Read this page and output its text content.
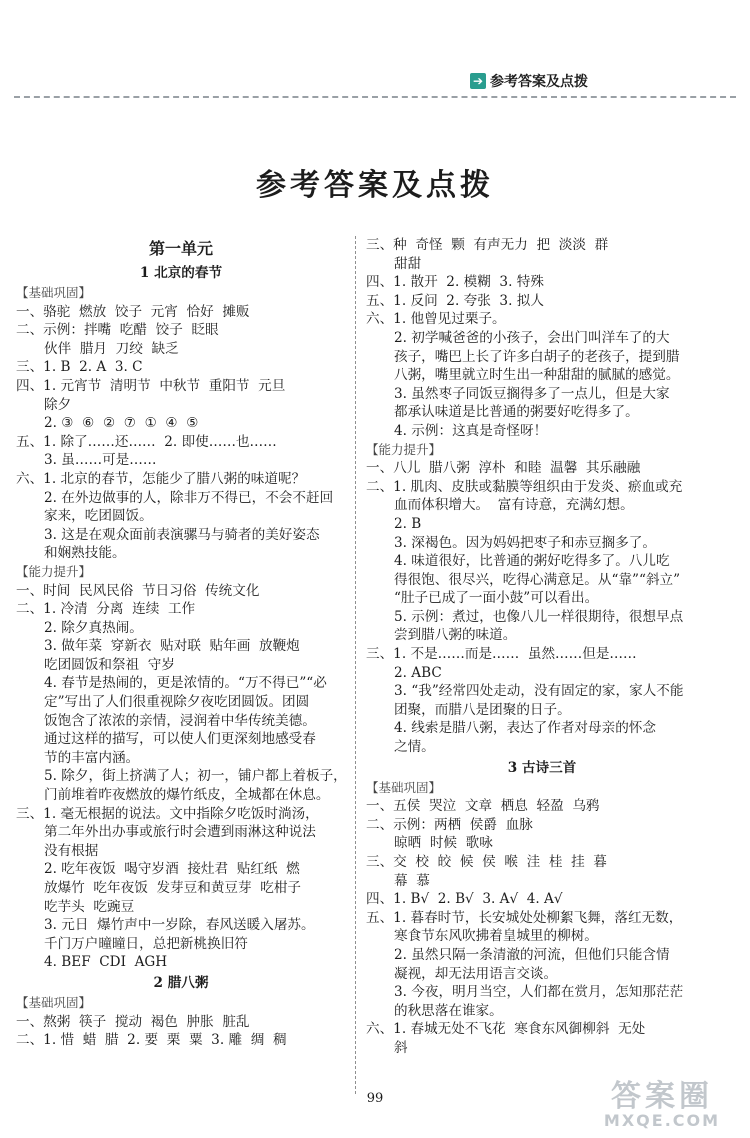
➔ 参考答案及点拨
参考答案及点拨
第一单元
1 北京的春节
【基础巩固】
一、骆驼  燃放  饺子  元宵  恰好  摊贩
二、示例：拌嘴  吃醋  饺子  眨眼
伙伴  腊月  刀绞  缺乏
三、1. B  2. A  3. C
四、1. 元宵节  清明节  中秋节  重阳节  元旦
除夕
2. ③  ⑥  ②  ⑦  ①  ④  ⑤
五、1. 除了……还……  2. 即使……也……
3. 虽……可是……
六、1. 北京的春节，怎能少了腊八粥的味道呢？
2. 在外边做事的人，除非万不得已，不会不赶回
家来，吃团圆饭。
3. 这是在观众面前表演骡马与骑者的美好姿态
和娴熟技能。
【能力提升】
一、时间  民风民俗  节日习俗  传统文化
二、1. 冷清  分离  连续  工作
2. 除夕真热闹。
3. 做年菜  穿新衣  贴对联  贴年画  放鞭炮
吃团圆饭和祭祖  守岁
4. 春节是热闹的，更是浓情的。“万不得已”“必
定”写出了人们很重视除夕夜吃团圆饭。团圆
饭饱含了浓浓的亲情，浸润着中华传统美德。
通过这样的描写，可以使人们更深刻地感受春
节的丰富内涵。
5. 除夕，街上挤满了人；初一，铺户都上着板子，
门前堆着昨夜燃放的爆竹纸皮，全城都在休息。
三、1. 毫无根据的说法。文中指除夕吃饭时淌汤，
第二年外出办事或旅行时会遭到雨淋这种说法
没有根据
2. 吃年夜饭  喝守岁酒  接灶君  贴红纸  燃
放爆竹  吃年夜饭  发芽豆和黄豆芽  吃柑子
吃芋头  吃豌豆
3. 元日  爆竹声中一岁除，春风送暖入屠苏。
千门万户曈曈日，总把新桃换旧符
4. BEF  CDI  AGH
2 腊八粥
【基础巩固】
一、熬粥  筷子  搅动  褐色  肿胀  脏乱
二、1. 惜  蜡  腊  2. 要  栗  粟  3. 雕  绸  稠
三、种  奇怪  颗  有声无力  把  淡淡  群
甜甜
四、1. 散开  2. 模糊  3. 特殊
五、1. 反问  2. 夸张  3. 拟人
六、1. 他曾见过栗子。
2. 初学喊爸爸的小孩子，会出门叫洋车了的大
孩子，嘴巴上长了许多白胡子的老孩子，提到腊
八粥，嘴里就立时生出一种甜甜的腻腻的感觉。
3. 虽然枣子同饭豆搁得多了一点儿，但是大家
都承认味道是比普通的粥要好吃得多了。
4. 示例：这真是奇怪呀！
【能力提升】
一、八儿  腊八粥  淳朴  和睦  温馨  其乐融融
二、1. 肌肉、皮肤或黏膜等组织由于发炎、瘀血或充
血而体积增大。  富有诗意，充满幻想。
2. B
3. 深褐色。因为妈妈把枣子和赤豆搁多了。
4. 味道很好，比普通的粥好吃得多了。八儿吃
得很饱、很尽兴，吃得心满意足。从“靠”“斜立”
“肚子已成了一面小鼓”可以看出。
5. 示例：煮过，也像八儿一样很期待，很想早点
尝到腊八粥的味道。
三、1. 不是……而是……  虽然……但是……
2. ABC
3. “我”经常四处走动，没有固定的家，家人不能
团聚，而腊八是团聚的日子。
4. 线索是腊八粥，表达了作者对母亲的怀念
之情。
3 古诗三首
【基础巩固】
一、五侯  哭泣  文章  栖息  轻盈  乌鸦
二、示例：两栖  侯爵  血脉
晾晒  时候  歌咏
三、交  校  皎  候  侯  喉  洼  桂  挂  暮
幕  慕
四、1. B√  2. B√  3. A√  4. A√
五、1. 暮春时节，长安城处处柳絮飞舞，落红无数，
寒食节东风吹拂着皇城里的柳树。
2. 虽然只隔一条清澈的河流，但他们只能含情
凝视，却无法用语言交谈。
3. 今夜，明月当空，人们都在赏月，怎知那茫茫
的秋思落在谁家。
六、1. 春城无处不飞花  寒食东风御柳斜  无处
斜
99	答案圈
MXQE.COM
